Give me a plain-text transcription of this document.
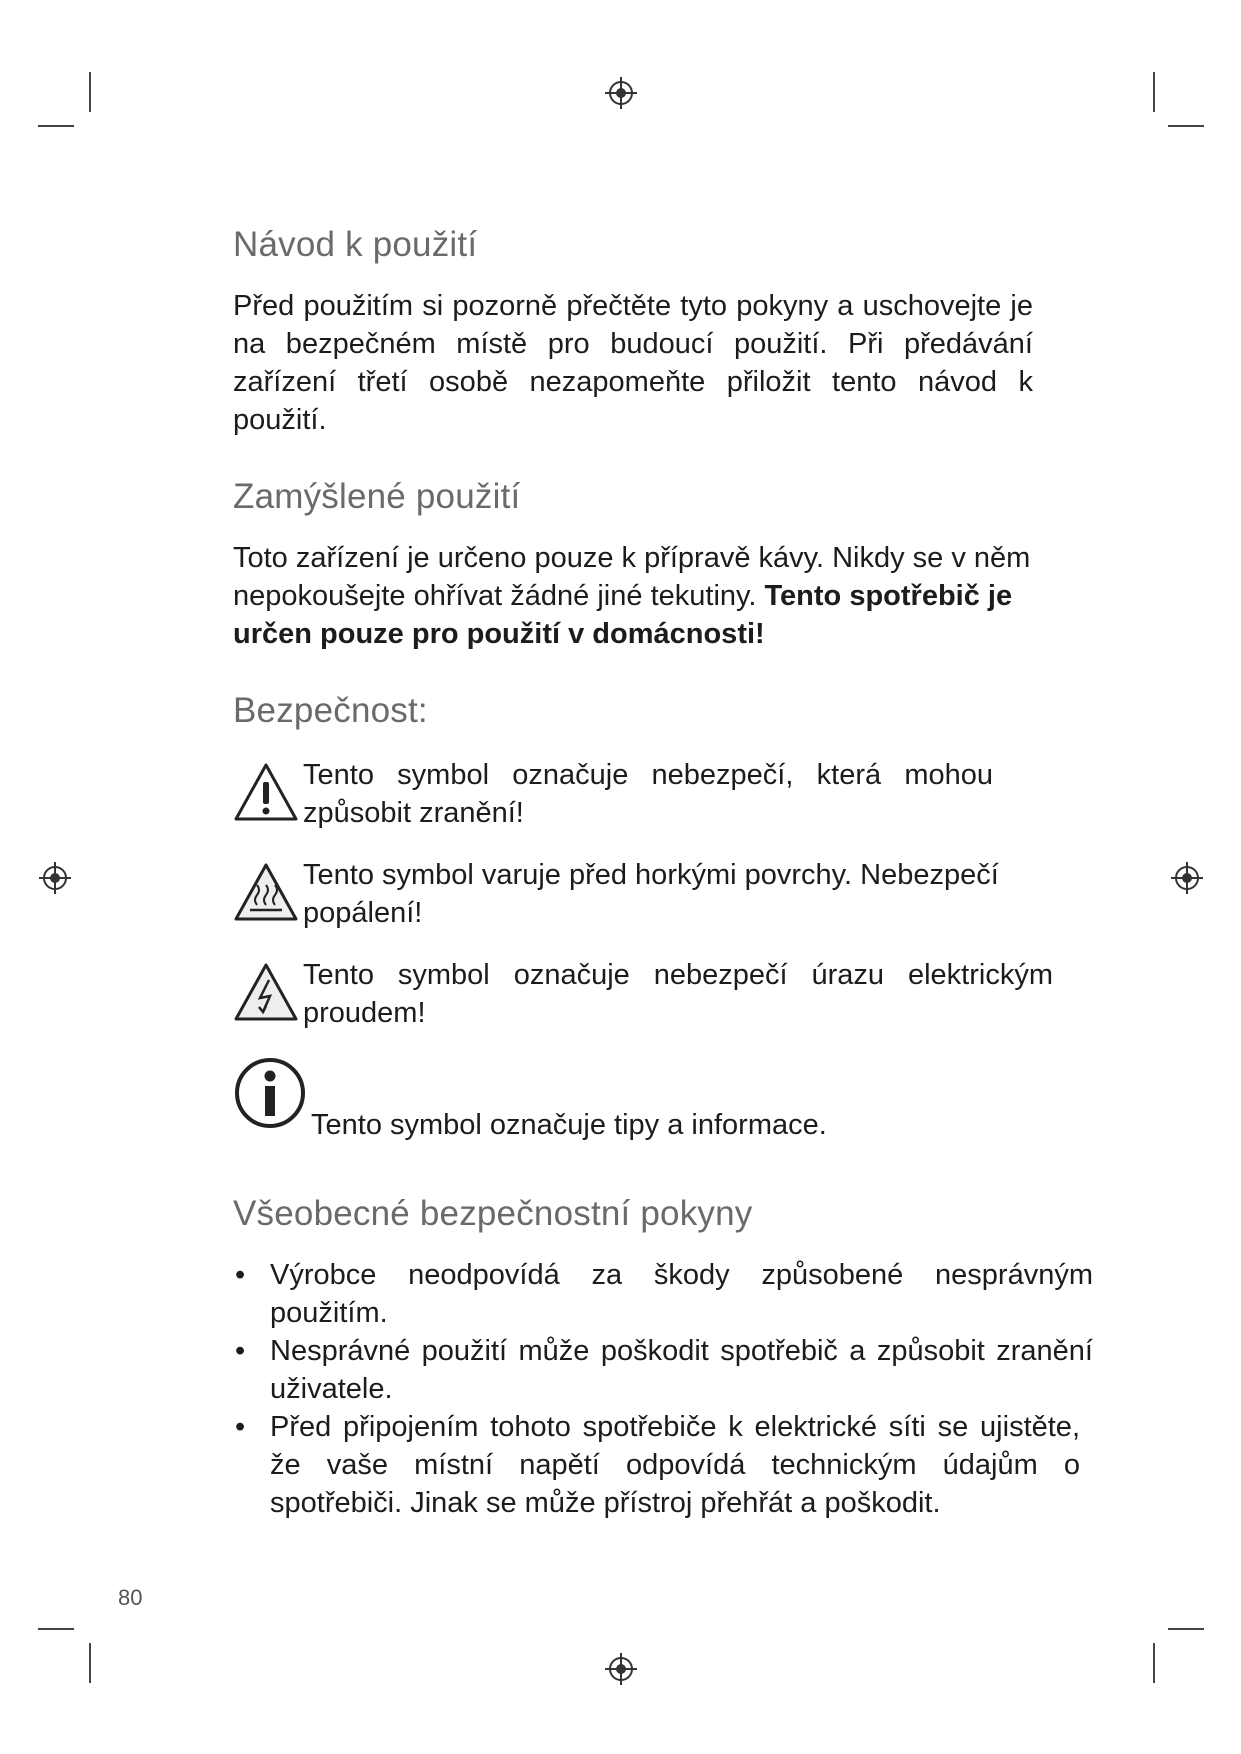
Návod k použití

Před použitím si pozorně přečtěte tyto pokyny a uschovejte je na bezpečném místě pro budoucí použití. Při předávání zařízení třetí osobě nezapomeňte přiložit tento návod k použití.

Zamýšlené použití

Toto zařízení je určeno pouze k přípravě kávy. Nikdy se v něm nepokoušejte ohřívat žádné jiné tekutiny. Tento spotřebič je určen pouze pro použití v domácnosti!

Bezpečnost:
Tento symbol označuje nebezpečí, která mohou způsobit zranění!
Tento symbol varuje před horkými povrchy. Nebezpečí popálení!
Tento symbol označuje nebezpečí úrazu elektrickým proudem!
Tento symbol označuje tipy a informace.
Všeobecné bezpečnostní pokyny
• Výrobce neodpovídá za škody způsobené nesprávným použitím.
• Nesprávné použití může poškodit spotřebič a způsobit zranění uživatele.
• Před připojením tohoto spotřebiče k elektrické síti se ujistěte, že vaše místní napětí odpovídá technickým údajům o spotřebiči. Jinak se může přístroj přehřát a poškodit.
80
